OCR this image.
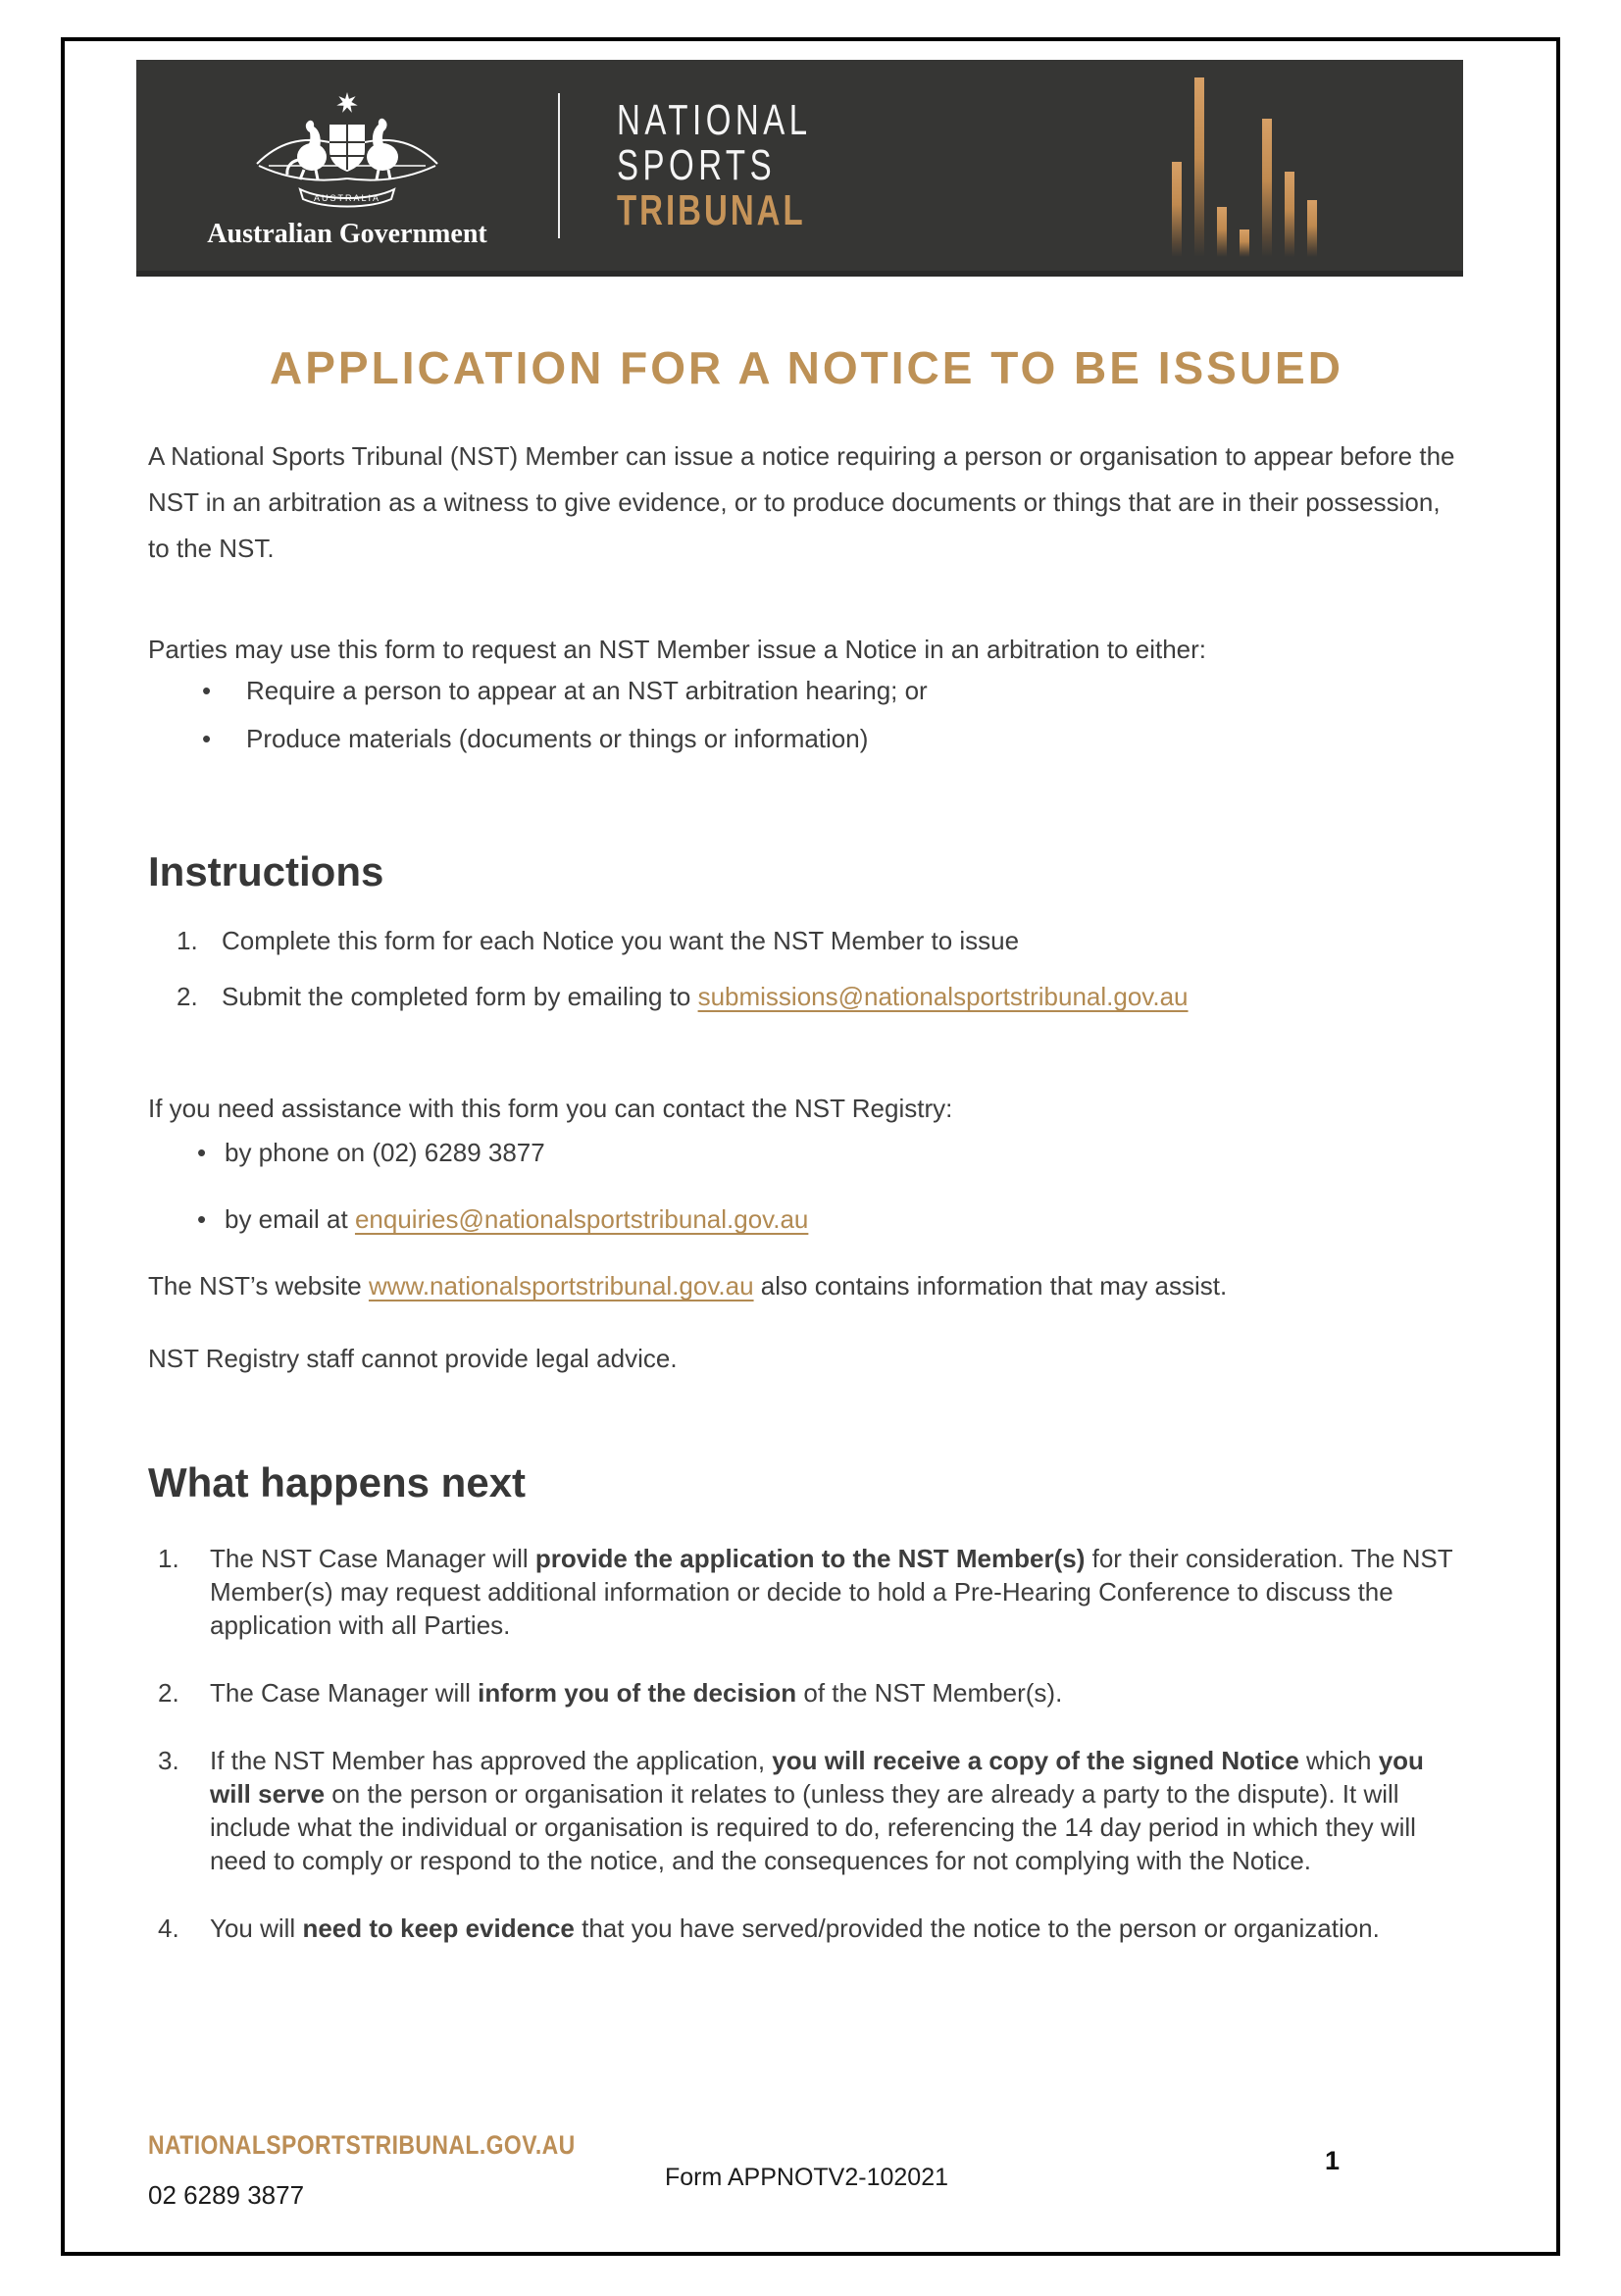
AUSTRALIA
Australian Government
NATIONAL
SPORTS
TRIBUNAL
APPLICATION FOR A NOTICE TO BE ISSUED

A National Sports Tribunal (NST) Member can issue a notice requiring a person or organisation to appear before the NST in an arbitration as a witness to give evidence, or to produce documents or things that are in their possession, to the NST.

Parties may use this form to request an NST Member issue a Notice in an arbitration to either:

• Require a person to appear at an NST arbitration hearing; or
• Produce materials (documents or things or information)
Instructions
Complete this form for each Notice you want the NST Member to issue
Submit the completed form by emailing to submissions@nationalsportstribunal.gov.au

If you need assistance with this form you can contact the NST Registry:

• by phone on (02) 6289 3877
• by email at enquiries@nationalsportstribunal.gov.au

The NST’s website www.nationalsportstribunal.gov.au also contains information that may assist.

NST Registry staff cannot provide legal advice.

What happens next
The NST Case Manager will provide the application to the NST Member(s) for their consideration. The NST Member(s) may request additional information or decide to hold a Pre-Hearing Conference to discuss the application with all Parties.
The Case Manager will inform you of the decision of the NST Member(s).
If the NST Member has approved the application, you will receive a copy of the signed Notice which you will serve on the person or organisation it relates to (unless they are already a party to the dispute). It will include what the individual or organisation is required to do, referencing the 14 day period in which they will need to comply or respond to the notice, and the consequences for not complying with the Notice.
You will need to keep evidence that you have served/provided the notice to the person or organization.
NATIONALSPORTSTRIBUNAL.GOV.AU
02 6289 3877
Form APPNOTV2-102021
1
